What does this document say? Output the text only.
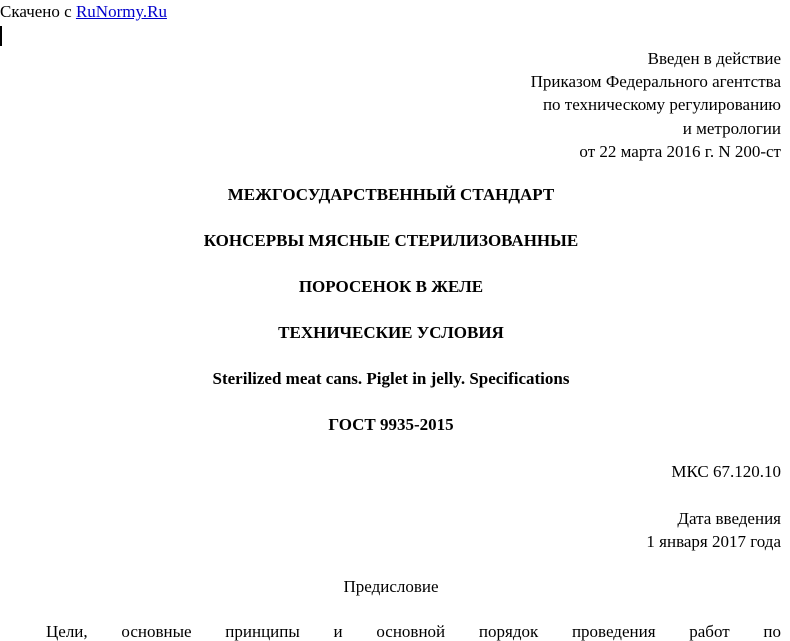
Скачено с RuNormy.Ru
Введен в действие
Приказом Федерального агентства
по техническому регулированию
и метрологии
от 22 марта 2016 г. N 200-ст
МЕЖГОСУДАРСТВЕННЫЙ СТАНДАРТ
КОНСЕРВЫ МЯСНЫЕ СТЕРИЛИЗОВАННЫЕ
ПОРОСЕНОК В ЖЕЛЕ
ТЕХНИЧЕСКИЕ УСЛОВИЯ
Sterilized meat cans. Piglet in jelly. Specifications
ГОСТ 9935-2015
МКС 67.120.10
Дата введения
1 января 2017 года
Предисловие
Цели, основные принципы и основной порядок проведения работ по
